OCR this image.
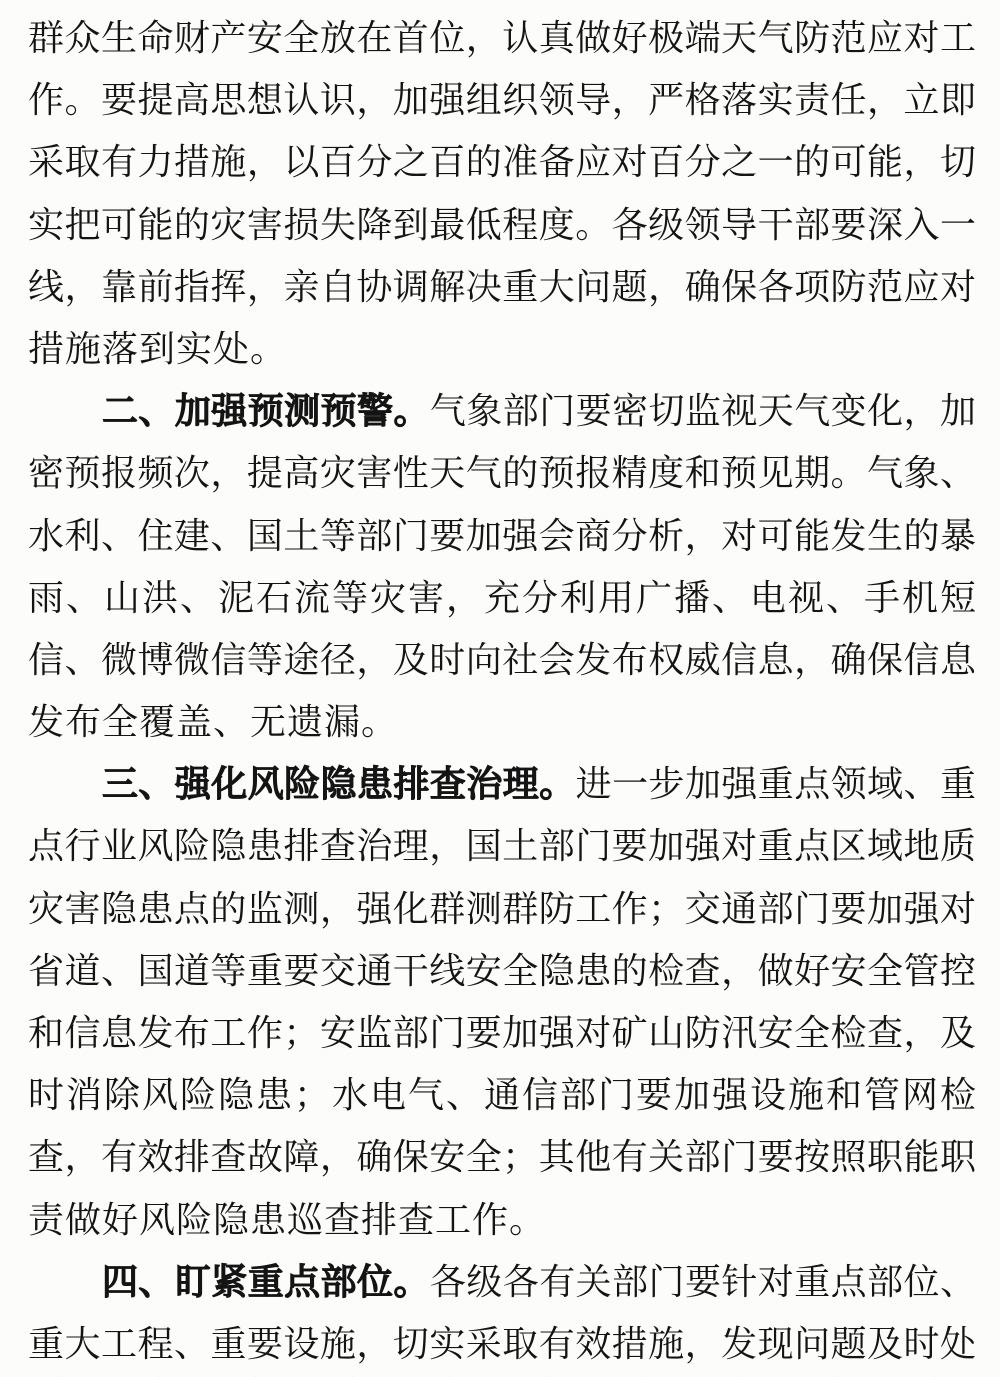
群众生命财产安全放在首位，认真做好极端天气防范应对工
作。要提高思想认识，加强组织领导，严格落实责任，立即
采取有力措施，以百分之百的准备应对百分之一的可能，切
实把可能的灾害损失降到最低程度。各级领导干部要深入一
线，靠前指挥，亲自协调解决重大问题，确保各项防范应对
措施落到实处。
二、加强预测预警。气象部门要密切监视天气变化，加
密预报频次，提高灾害性天气的预报精度和预见期。气象、
水利、住建、国土等部门要加强会商分析，对可能发生的暴
雨、山洪、泥石流等灾害，充分利用广播、电视、手机短
信、微博微信等途径，及时向社会发布权威信息，确保信息
发布全覆盖、无遗漏。
三、强化风险隐患排查治理。进一步加强重点领域、重
点行业风险隐患排查治理，国土部门要加强对重点区域地质
灾害隐患点的监测，强化群测群防工作；交通部门要加强对
省道、国道等重要交通干线安全隐患的检查，做好安全管控
和信息发布工作；安监部门要加强对矿山防汛安全检查，及
时消除风险隐患；水电气、通信部门要加强设施和管网检
查，有效排查故障，确保安全；其他有关部门要按照职能职
责做好风险隐患巡查排查工作。
四、盯紧重点部位。各级各有关部门要针对重点部位、
重大工程、重要设施，切实采取有效措施，发现问题及时处
